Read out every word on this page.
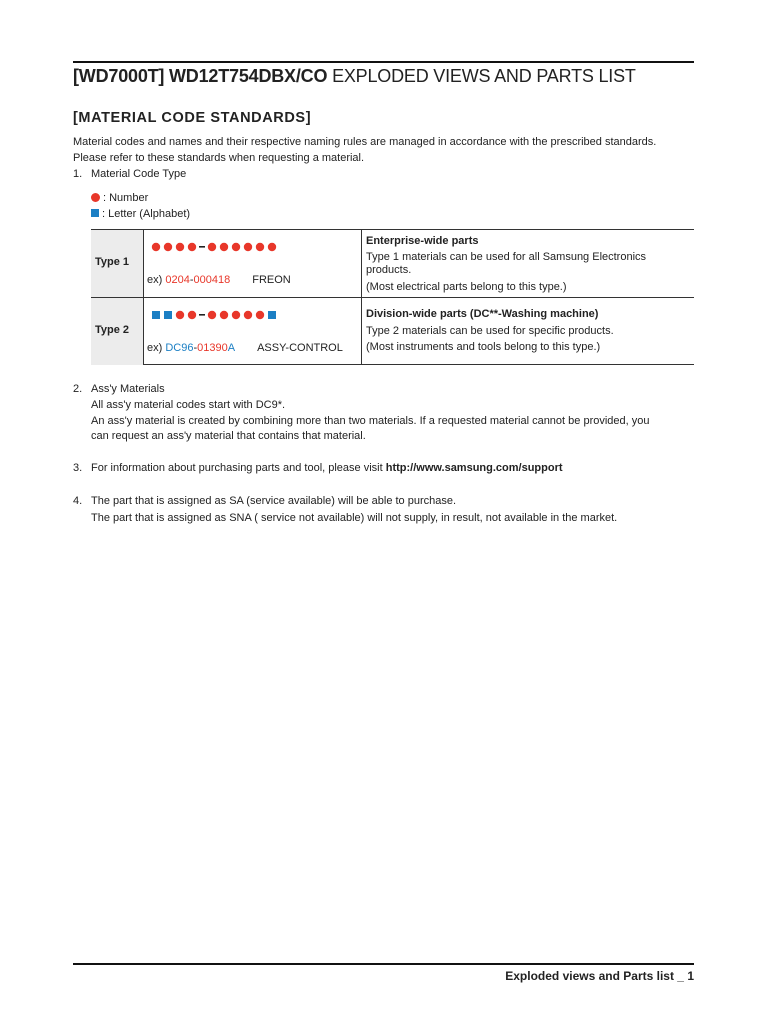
[WD7000T] WD12T754DBX/CO EXPLODED VIEWS AND PARTS LIST
[MATERIAL CODE STANDARDS]
Material codes and names and their respective naming rules are managed in accordance with the prescribed standards.
Please refer to these standards when requesting a material.
1. Material Code Type
: Number
: Letter (Alphabet)
Type 1
ex) 0204-000418 FREON
Enterprise-wide parts
Type 1 materials can be used for all Samsung Electronics products.
(Most electrical parts belong to this type.)
Type 2
ex) DC96-01390A ASSY-CONTROL
Division-wide parts (DC**-Washing machine)
Type 2 materials can be used for specific products.
(Most instruments and tools belong to this type.)
2. Ass'y Materials
All ass'y material codes start with DC9*.
An ass'y material is created by combining more than two materials. If a requested material cannot be provided, you
can request an ass'y material that contains that material.
3. For information about purchasing parts and tool, please visit http://www.samsung.com/support
4. The part that is assigned as SA (service available) will be able to purchase.
The part that is assigned as SNA ( service not available) will not supply, in result, not available in the market.
Exploded views and Parts list _ 1
